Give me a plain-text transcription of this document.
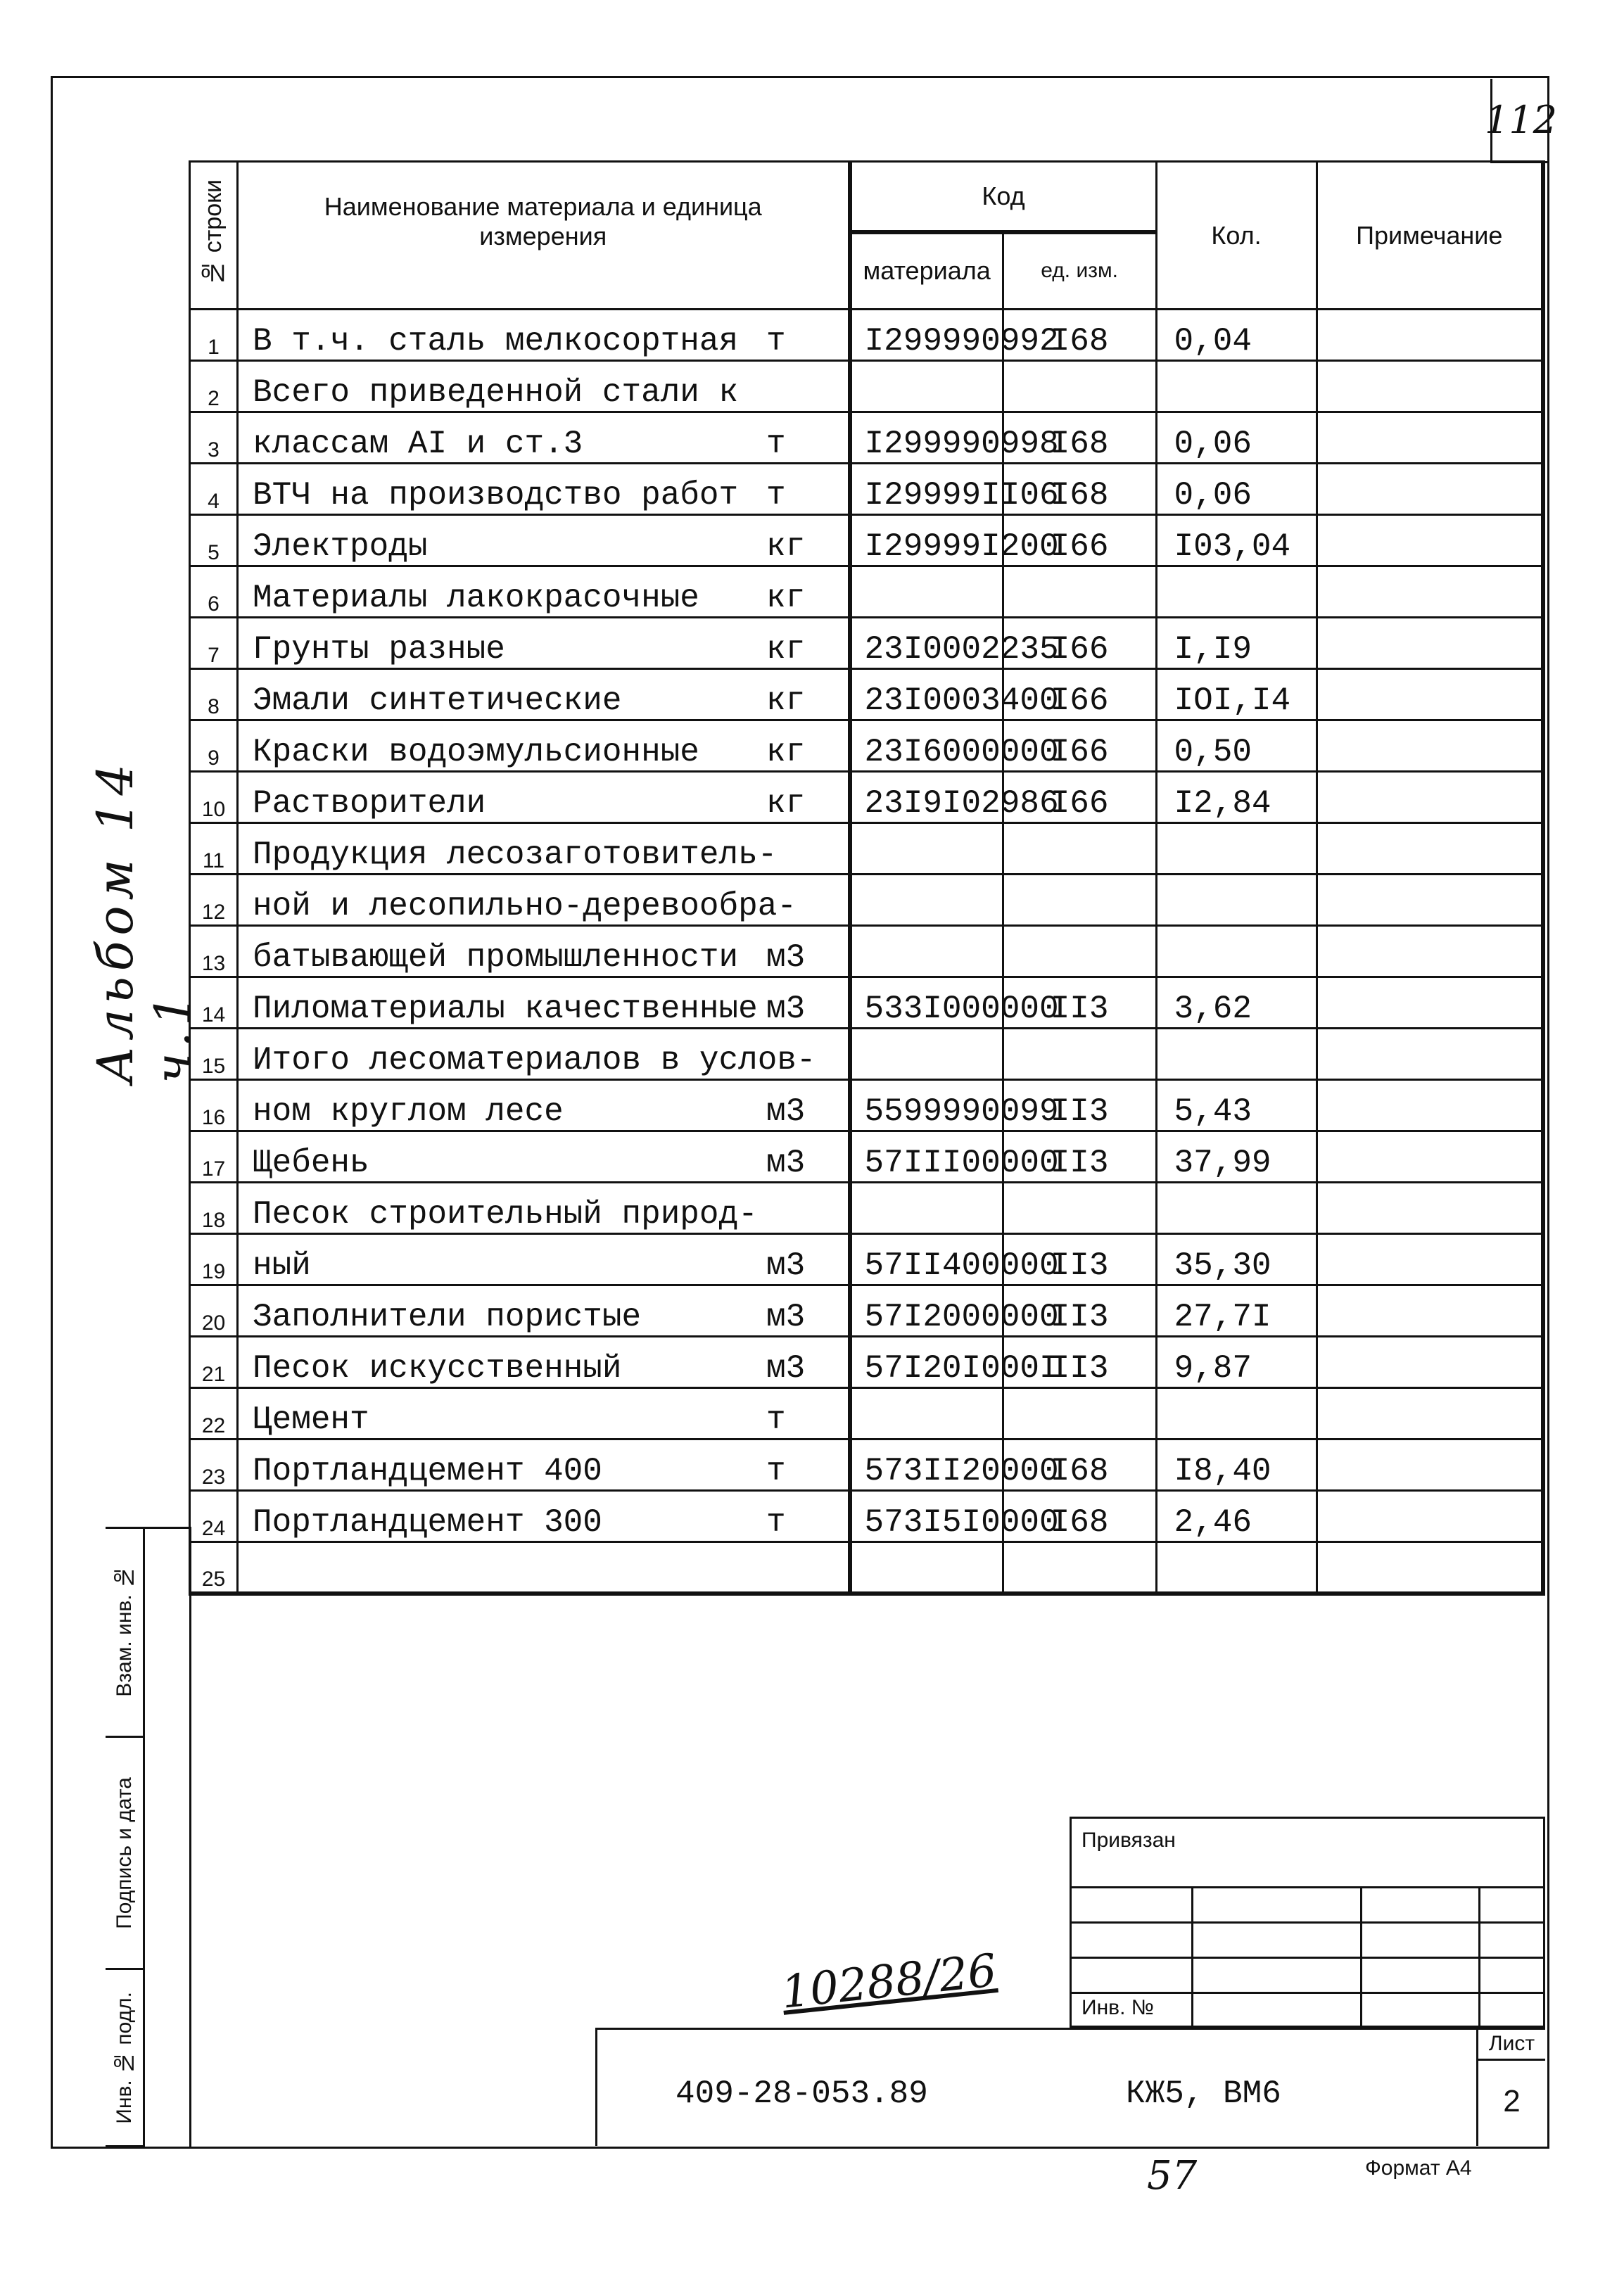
112
Альбом 14 ч.1
№ строки	Наименование материала и единица измерения	Код		Кол.	Примечание
		материала	ед. изм.		
1	В т.ч. сталь мелкосортная т	I299990992	I68	0,04	
2	Всего приведенной стали к				
3	классам АI и ст.3 т	I299990998	I68	0,06	
4	ВТЧ на производство работ т	I29999II06	I68	0,06	
5	Электроды кг	I29999I200	I66	I03,04	
6	Материалы лакокрасочные кг				
7	Грунты разные кг	23I0002235	I66	I,I9	
8	Эмали синтетические кг	23I0003400	I66	IOI,I4	
9	Краски водоэмульсионные кг	23I6000000	I66	0,50	
10	Растворители кг	23I9I02986	I66	I2,84	
11	Продукция лесозаготовитель-				
12	ной и лесопильно-деревообра-				
13	батывающей промышленности м3				
14	Пиломатериалы качественные м3	533I000000	II3	3,62	
15	Итого лесоматериалов в услов-				
16	ном круглом лесе м3	5599990099	II3	5,43	
17	Щебень м3	57III00000	II3	37,99	
18	Песок строительный природ-				
19	ный м3	57II400000	II3	35,30	
20	Заполнители пористые м3	57I2000000	II3	27,7I	
21	Песок искусственный м3	57I20I000I	II3	9,87	
22	Цемент т				
23	Портландцемент 400 т	573II20000	I68	I8,40	
24	Портландцемент 300 т	573I5I0000	I68	2,46	
25					
Взам. инв. №
Подпись и дата
Инв. № подл.
Привязан
Инв. №
409-28-053.89	КЖ5, ВМ6
Лист
2
10288/26
57	Формат А4
